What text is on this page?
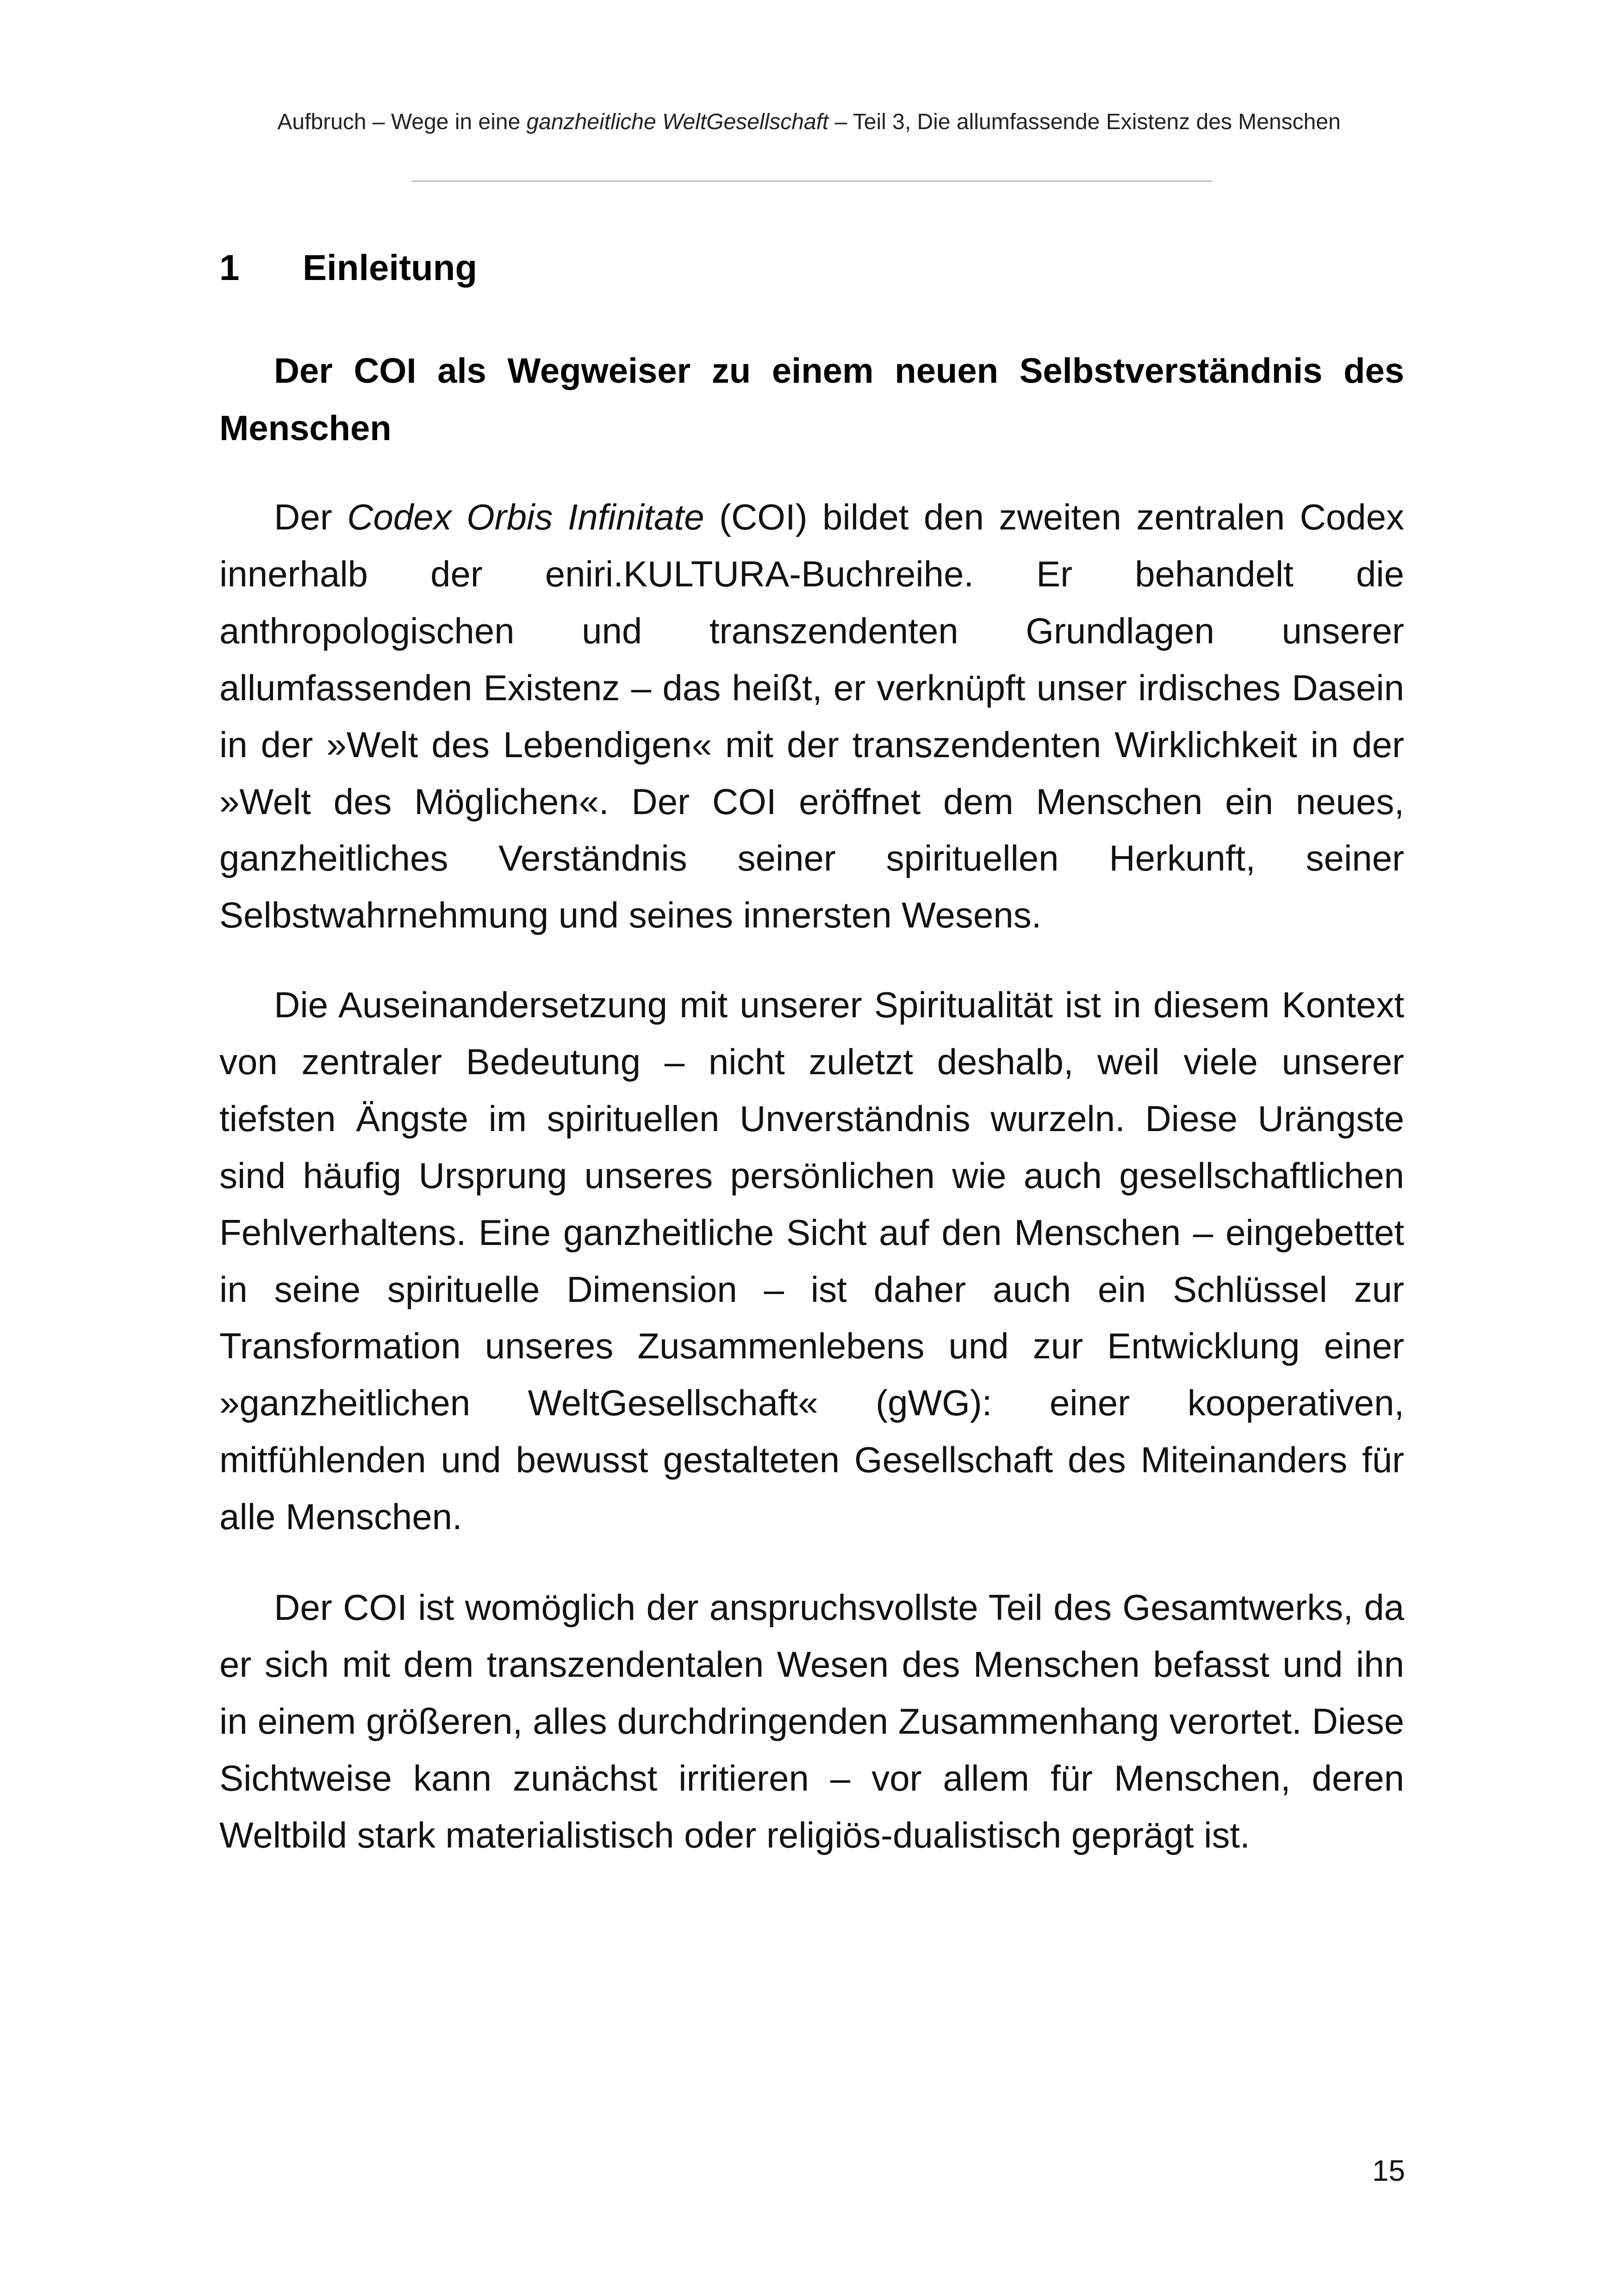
Aufbruch – Wege in eine ganzheitliche WeltGesellschaft – Teil 3, Die allumfassende Existenz des Menschen
1 Einleitung

Der COI als Wegweiser zu einem neuen Selbstverständnis des Menschen

Der Codex Orbis Infinitate (COI) bildet den zweiten zentralen Codex innerhalb der eniri.KULTURA-Buchreihe. Er behandelt die anthropologischen und transzendenten Grundlagen unserer allumfassenden Existenz – das heißt, er verknüpft unser irdisches Dasein in der »Welt des Lebendigen« mit der transzendenten Wirklichkeit in der »Welt des Möglichen«. Der COI eröffnet dem Menschen ein neues, ganzheitliches Verständnis seiner spirituellen Herkunft, seiner Selbstwahrnehmung und seines innersten Wesens.

Die Auseinandersetzung mit unserer Spiritualität ist in diesem Kontext von zentraler Bedeutung – nicht zuletzt deshalb, weil viele unserer tiefsten Ängste im spirituellen Unverständnis wurzeln. Diese Urängste sind häufig Ursprung unseres persönlichen wie auch gesellschaftlichen Fehlverhaltens. Eine ganzheitliche Sicht auf den Menschen – eingebettet in seine spirituelle Dimension – ist daher auch ein Schlüssel zur Transformation unseres Zusammenlebens und zur Entwicklung einer »ganzheitlichen WeltGesellschaft« (gWG): einer kooperativen, mitfühlenden und bewusst gestalteten Gesellschaft des Miteinanders für alle Menschen.

Der COI ist womöglich der anspruchsvollste Teil des Gesamtwerks, da er sich mit dem transzendentalen Wesen des Menschen befasst und ihn in einem größeren, alles durchdringenden Zusammenhang verortet. Diese Sichtweise kann zunächst irritieren – vor allem für Menschen, deren Weltbild stark materialistisch oder religiös-dualistisch geprägt ist.

15
